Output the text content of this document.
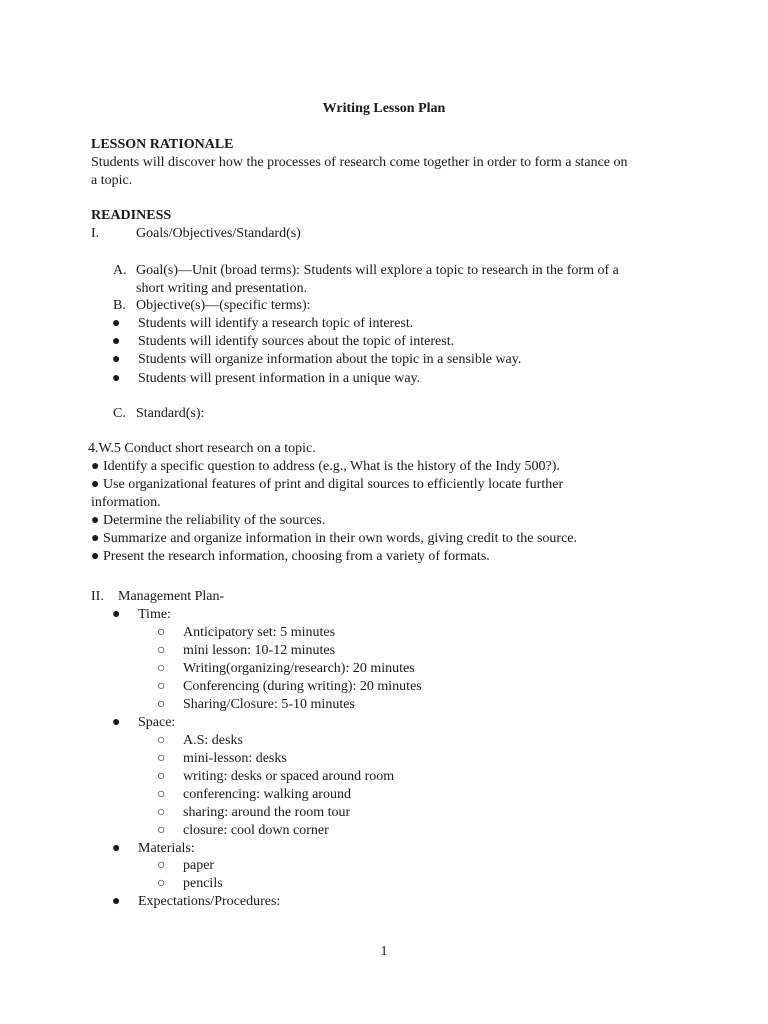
Writing Lesson Plan
LESSON RATIONALE
Students will discover how the processes of research come together in order to form a stance on
a topic.
READINESS
I.	Goals/Objectives/Standard(s)
A. Goal(s)—Unit (broad terms): Students will explore a topic to research in the form of a
short writing and presentation.
B. Objective(s)—(specific terms):
● Students will identify a research topic of interest.
● Students will identify sources about the topic of interest.
● Students will organize information about the topic in a sensible way.
● Students will present information in a unique way.
C. Standard(s):
4.W.5 Conduct short research on a topic.
● Identify a specific question to address (e.g., What is the history of the Indy 500?).
● Use organizational features of print and digital sources to efficiently locate further
information.
● Determine the reliability of the sources.
● Summarize and organize information in their own words, giving credit to the source.
● Present the research information, choosing from a variety of formats.
II. Management Plan-
● Time:
○ Anticipatory set: 5 minutes
○ mini lesson: 10-12 minutes
○ Writing(organizing/research): 20 minutes
○ Conferencing (during writing): 20 minutes
○ Sharing/Closure: 5-10 minutes
● Space:
○ A.S: desks
○ mini-lesson: desks
○ writing: desks or spaced around room
○ conferencing: walking around
○ sharing: around the room tour
○ closure: cool down corner
● Materials:
○ paper
○ pencils
● Expectations/Procedures:
1
